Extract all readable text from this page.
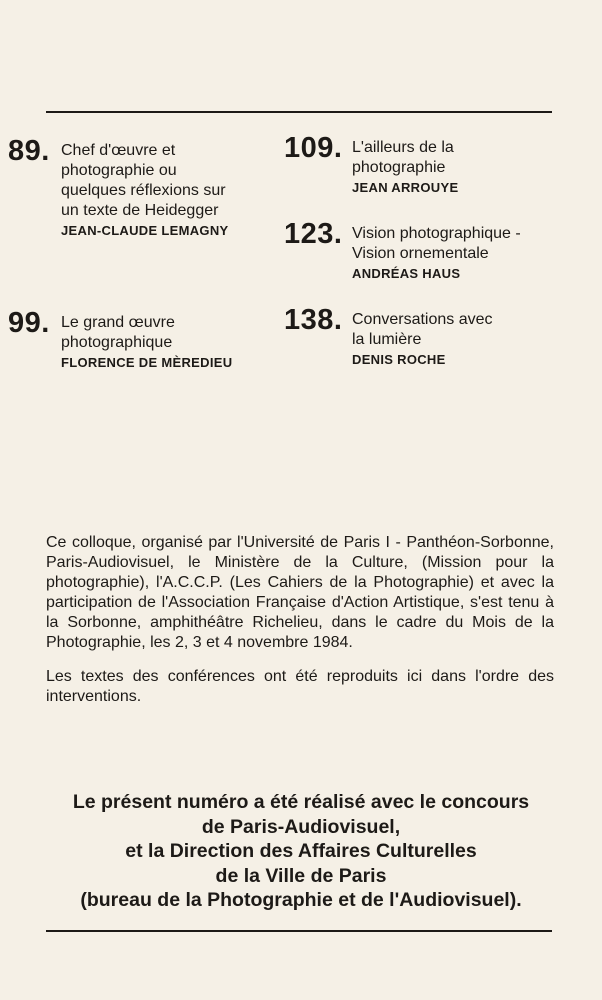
89. Chef d'œuvre et
photographie ou
quelques réflexions sur
un texte de Heidegger
JEAN-CLAUDE LEMAGNY
99. Le grand œuvre
photographique
FLORENCE DE MÈREDIEU
109. L'ailleurs de la
photographie
JEAN ARROUYE
123. Vision photographique -
Vision ornementale
ANDRÉAS HAUS
138. Conversations avec
la lumière
DENIS ROCHE

Ce colloque, organisé par l'Université de Paris I - Panthéon-Sorbonne, Paris-Audiovisuel, le Ministère de la Culture, (Mission pour la photographie), l'A.C.C.P. (Les Cahiers de la Photographie) et avec la participation de l'Association Française d'Action Artistique, s'est tenu à la Sorbonne, amphithéâtre Richelieu, dans le cadre du Mois de la Photographie, les 2, 3 et 4 novembre 1984.

Les textes des conférences ont été reproduits ici dans l'ordre des interventions.

Le présent numéro a été réalisé avec le concours
de Paris-Audiovisuel,
et la Direction des Affaires Culturelles
de la Ville de Paris
(bureau de la Photographie et de l'Audiovisuel).
